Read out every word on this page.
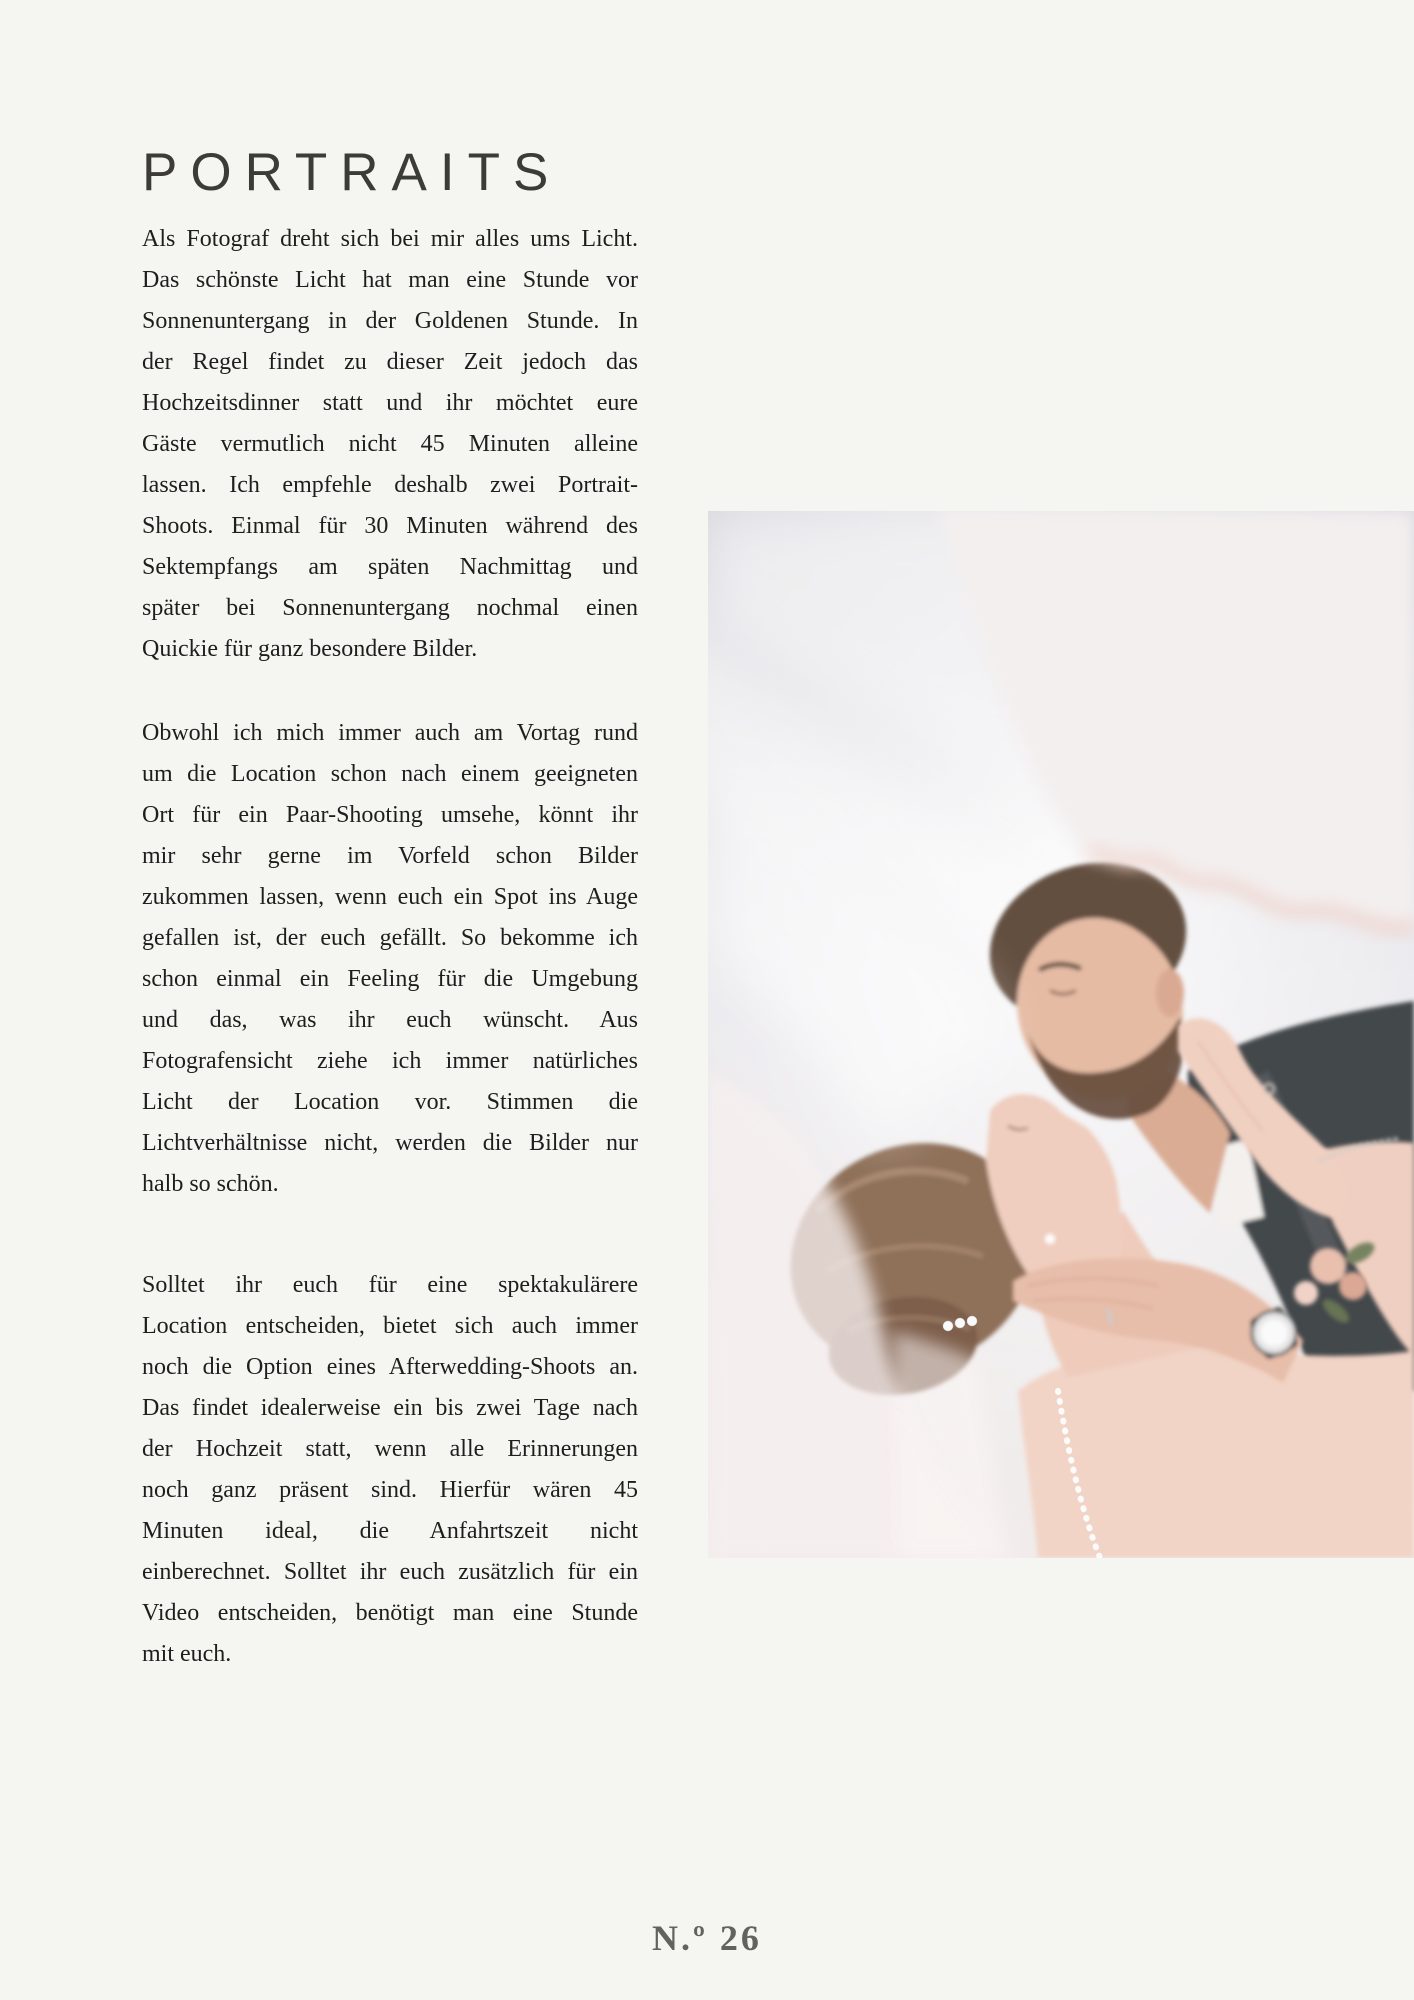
PORTRAITS
Als Fotograf dreht sich bei mir alles ums Licht.
Das schönste Licht hat man eine Stunde vor
Sonnenuntergang in der Goldenen Stunde. In
der Regel findet zu dieser Zeit jedoch das
Hochzeitsdinner statt und ihr möchtet eure
Gäste vermutlich nicht 45 Minuten alleine
lassen. Ich empfehle deshalb zwei Portrait-
Shoots. Einmal für 30 Minuten während des
Sektempfangs am späten Nachmittag und
später bei Sonnenuntergang nochmal einen
Quickie für ganz besondere Bilder.
Obwohl ich mich immer auch am Vortag rund
um die Location schon nach einem geeigneten
Ort für ein Paar-Shooting umsehe, könnt ihr
mir sehr gerne im Vorfeld schon Bilder
zukommen lassen, wenn euch ein Spot ins Auge
gefallen ist, der euch gefällt. So bekomme ich
schon einmal ein Feeling für die Umgebung
und das, was ihr euch wünscht. Aus
Fotografensicht ziehe ich immer natürliches
Licht der Location vor. Stimmen die
Lichtverhältnisse nicht, werden die Bilder nur
halb so schön.
Solltet ihr euch für eine spektakulärere
Location entscheiden, bietet sich auch immer
noch die Option eines Afterwedding-Shoots an.
Das findet idealerweise ein bis zwei Tage nach
der Hochzeit statt, wenn alle Erinnerungen
noch ganz präsent sind. Hierfür wären 45
Minuten ideal, die Anfahrtszeit nicht
einberechnet. Solltet ihr euch zusätzlich für ein
Video entscheiden, benötigt man eine Stunde
mit euch.
N.º 26
